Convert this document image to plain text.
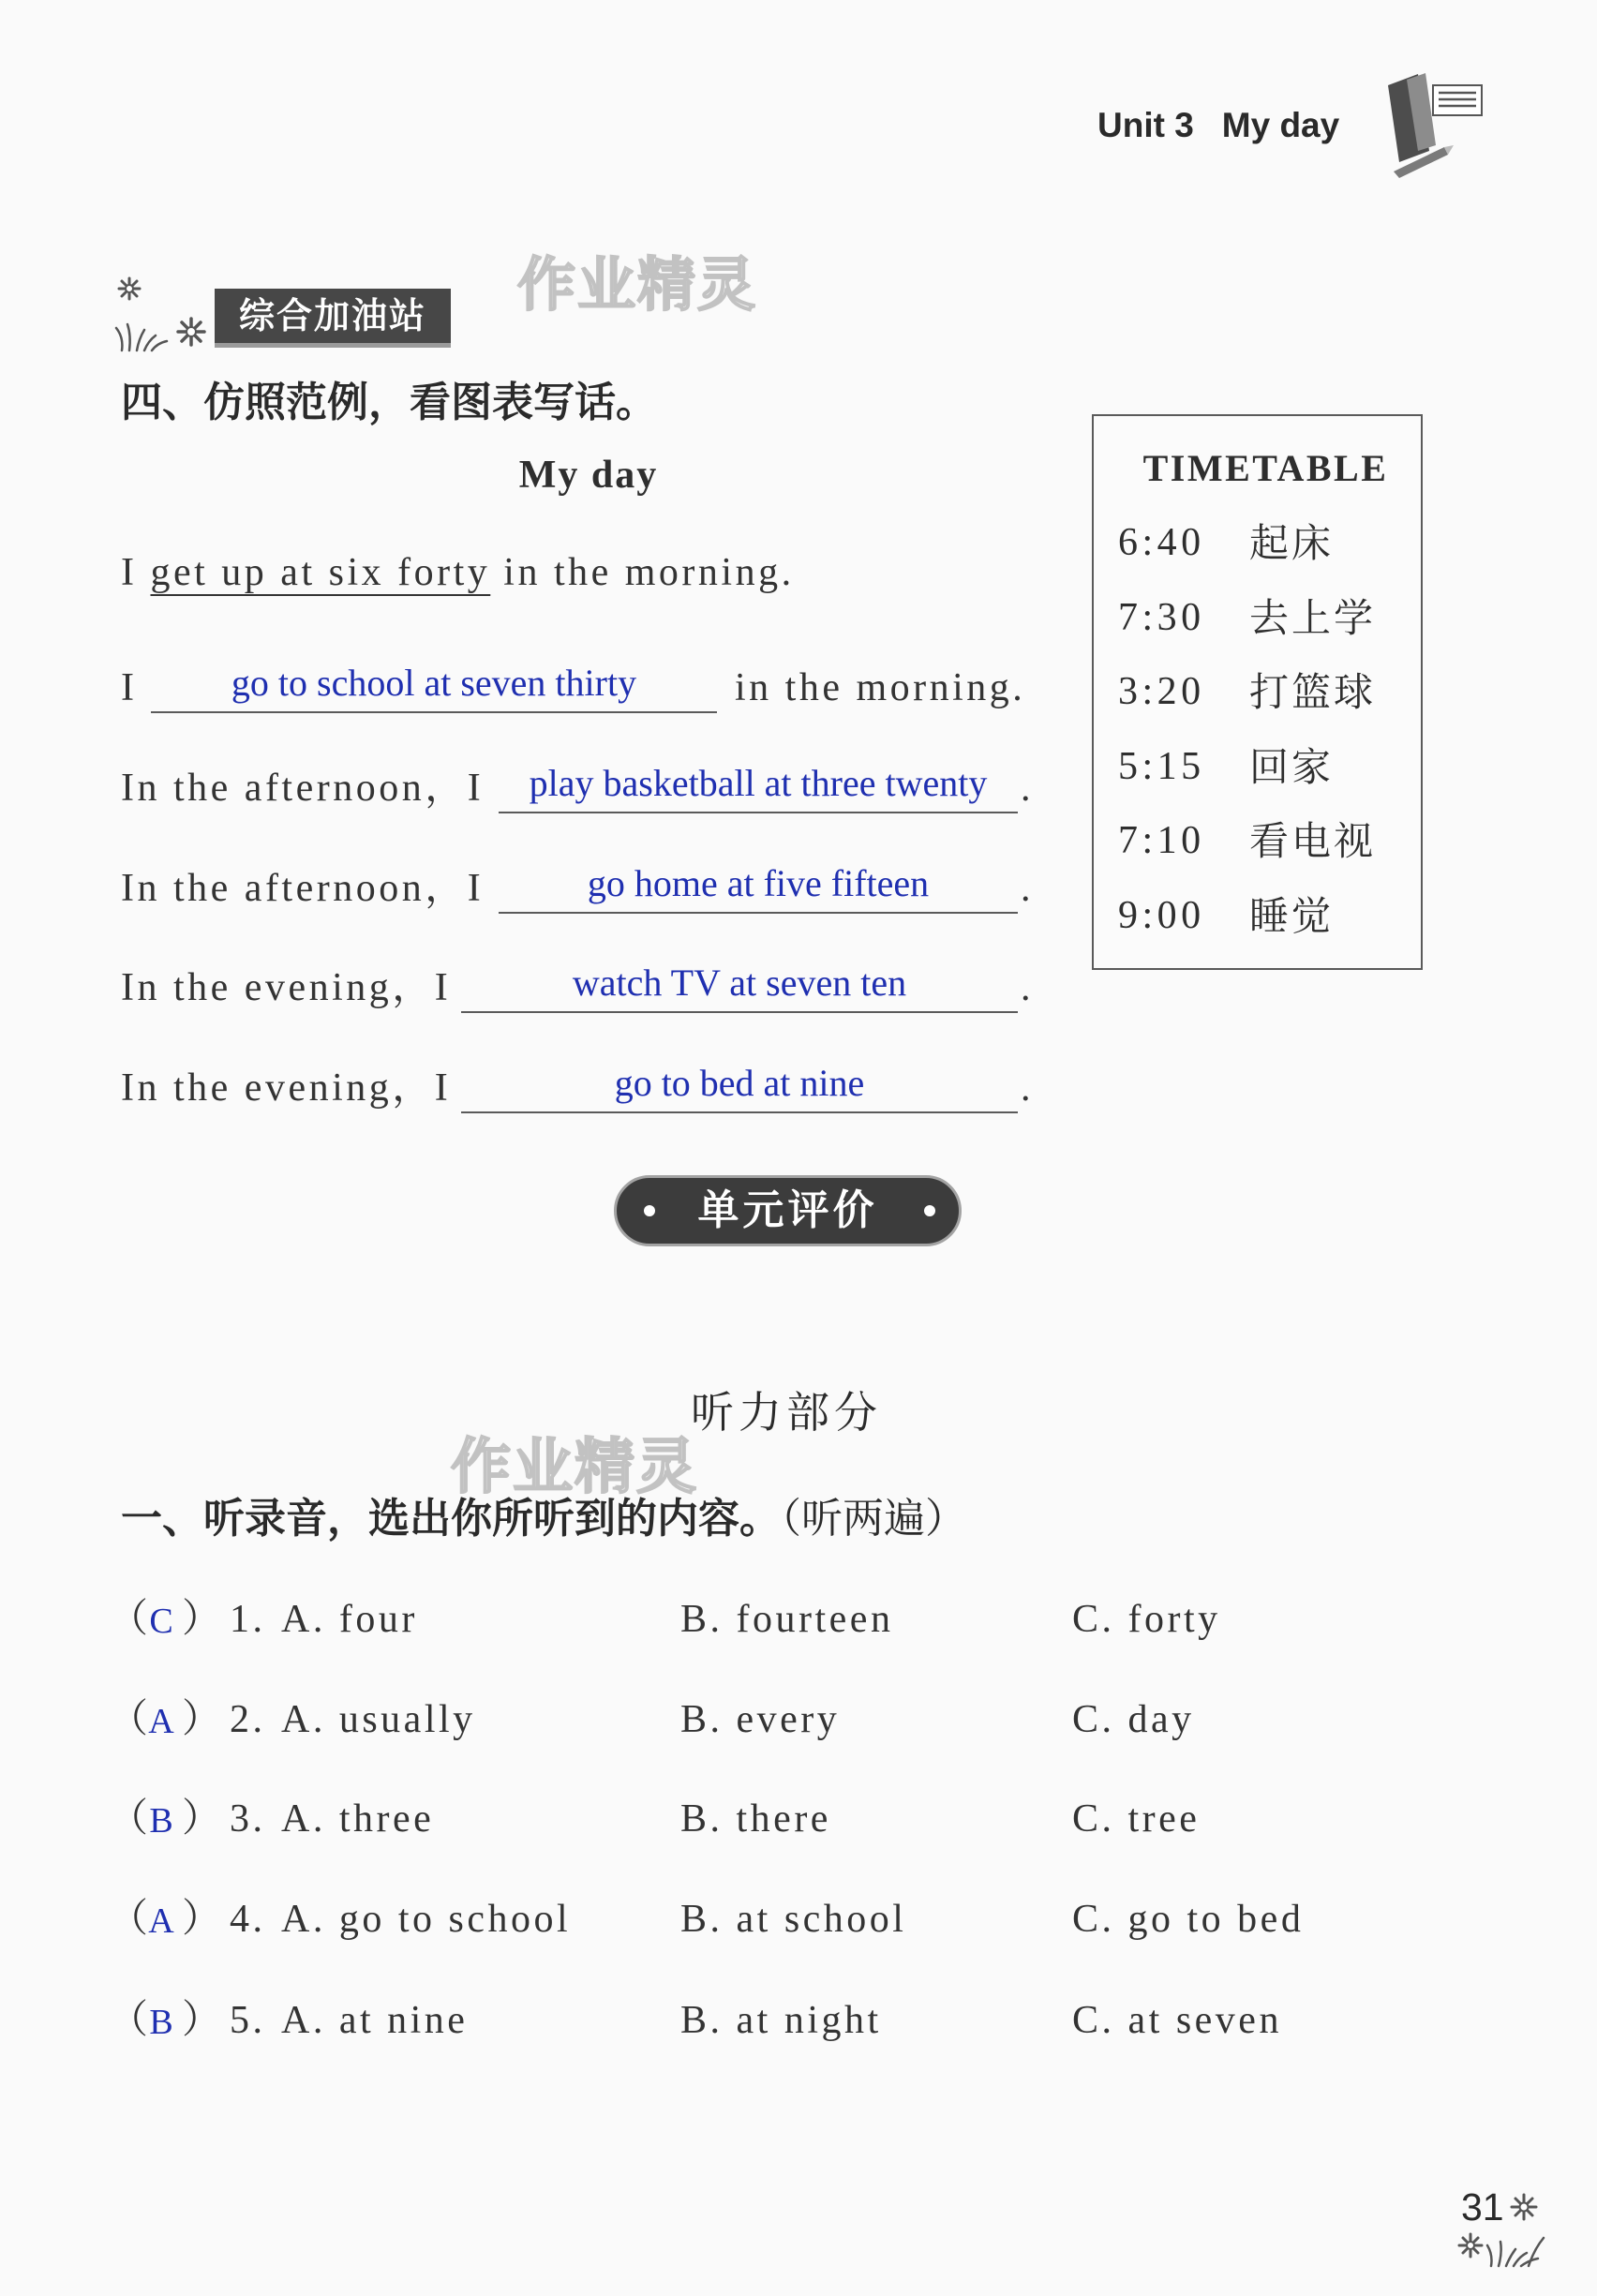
Unit 3 My day
综合加油站	作业精灵
四、仿照范例，看图表写话。
My day
I get up at six forty in the morning.
I	go to school at seven thirty	in the morning.
In the afternoon，I	play basketball at three twenty .
In the afternoon，I	go home at five fifteen	.
In the evening，I	watch TV at seven ten	.
In the evening，I	go to bed at nine	.
TIMETABLE
6:40 起床
7:30 去上学
3:20 打篮球
5:15 回家
7:10 看电视
9:00 睡觉
单元评价
听力部分
作业精灵
一、听录音，选出你所听到的内容。（听两遍）
（
C ） 1. A. four	B. fourteen	C. forty
（
A ） 2. A. usually	B. every	C. day
（
B ） 3. A. three	B. there	C. tree
（
A ） 4. A. go to school	B. at school	C. go to bed
（
B ） 5. A. at nine	B. at night	C. at seven
31
